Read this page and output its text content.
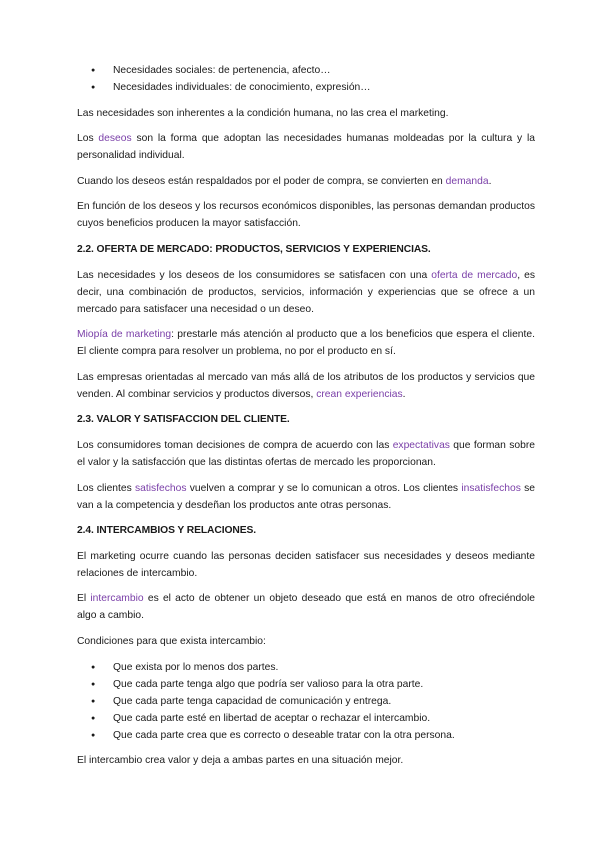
● Necesidades sociales: de pertenencia, afecto…
● Necesidades individuales: de conocimiento, expresión…

Las necesidades son inherentes a la condición humana, no las crea el marketing.

Los deseos son la forma que adoptan las necesidades humanas moldeadas por la cultura y la personalidad individual.

Cuando los deseos están respaldados por el poder de compra, se convierten en demanda.

En función de los deseos y los recursos económicos disponibles, las personas demandan productos cuyos beneficios producen la mayor satisfacción.

2.2. OFERTA DE MERCADO: PRODUCTOS, SERVICIOS Y EXPERIENCIAS.

Las necesidades y los deseos de los consumidores se satisfacen con una oferta de mercado, es decir, una combinación de productos, servicios, información y experiencias que se ofrece a un mercado para satisfacer una necesidad o un deseo.

Miopía de marketing: prestarle más atención al producto que a los beneficios que espera el cliente. El cliente compra para resolver un problema, no por el producto en sí.

Las empresas orientadas al mercado van más allá de los atributos de los productos y servicios que venden. Al combinar servicios y productos diversos, crean experiencias.

2.3. VALOR Y SATISFACCION DEL CLIENTE.

Los consumidores toman decisiones de compra de acuerdo con las expectativas que forman sobre el valor y la satisfacción que las distintas ofertas de mercado les proporcionan.

Los clientes satisfechos vuelven a comprar y se lo comunican a otros. Los clientes insatisfechos se van a la competencia y desdeñan los productos ante otras personas.

2.4. INTERCAMBIOS Y RELACIONES.

El marketing ocurre cuando las personas deciden satisfacer sus necesidades y deseos mediante relaciones de intercambio.

El intercambio es el acto de obtener un objeto deseado que está en manos de otro ofreciéndole algo a cambio.

Condiciones para que exista intercambio:

● Que exista por lo menos dos partes.
● Que cada parte tenga algo que podría ser valioso para la otra parte.
● Que cada parte tenga capacidad de comunicación y entrega.
● Que cada parte esté en libertad de aceptar o rechazar el intercambio.
● Que cada parte crea que es correcto o deseable tratar con la otra persona.

El intercambio crea valor y deja a ambas partes en una situación mejor.
